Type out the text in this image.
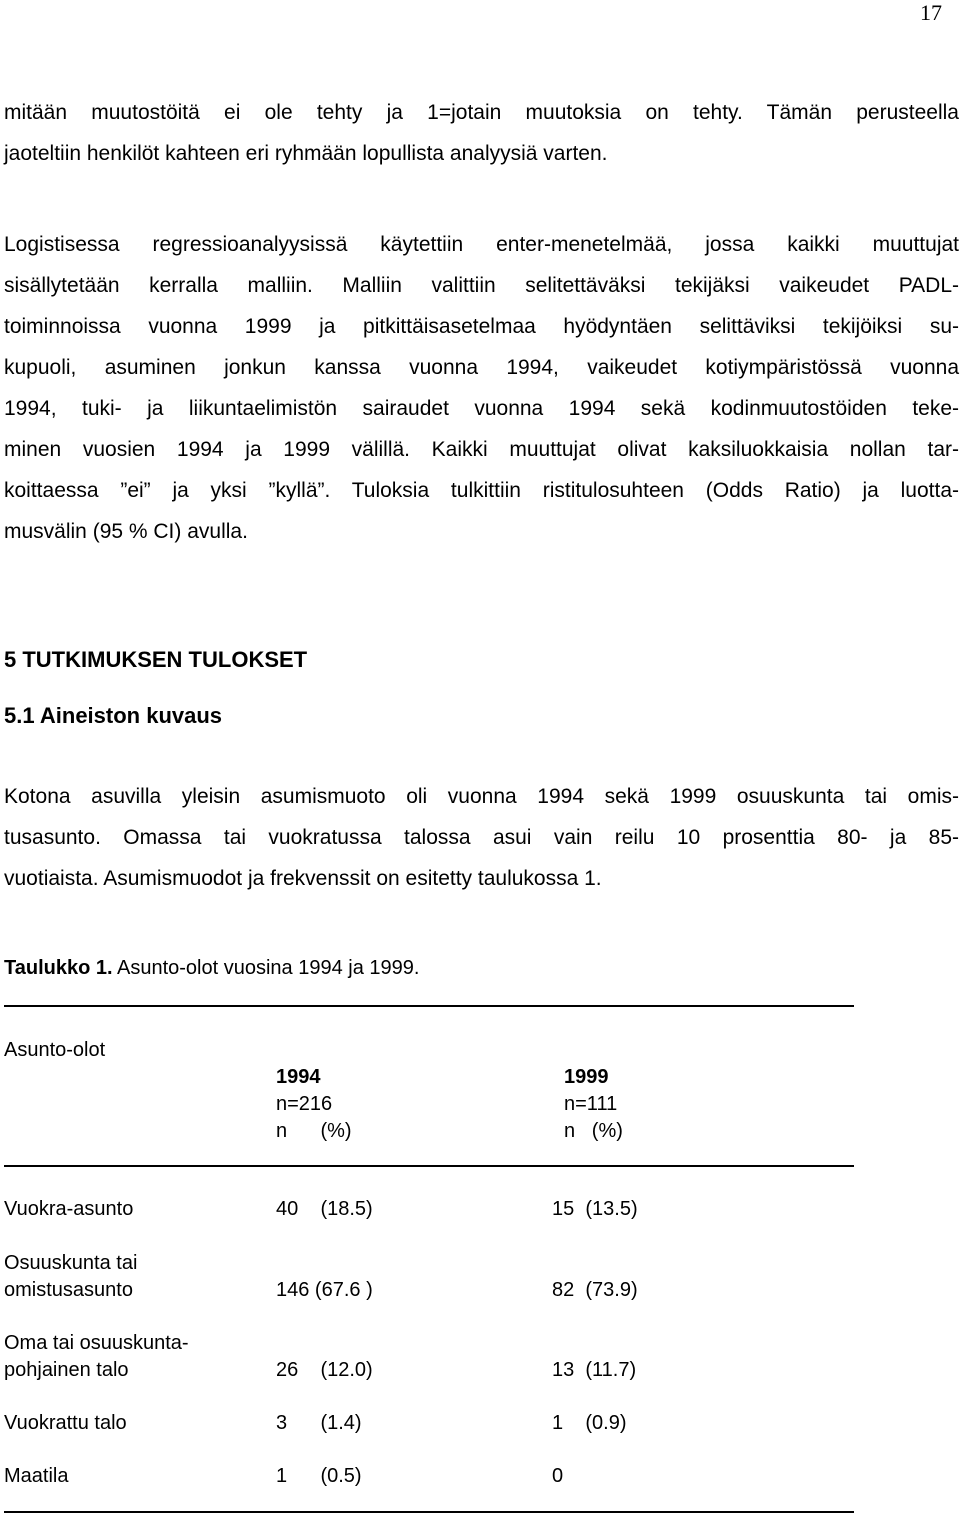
17
mitään muutostöitä ei ole tehty ja 1=jotain muutoksia on tehty. Tämän perusteella
jaoteltiin henkilöt kahteen eri ryhmään lopullista analyysiä varten.
Logistisessa regressioanalyysissä käytettiin enter-menetelmää, jossa kaikki muuttujat
sisällytetään kerralla malliin. Malliin valittiin selitettäväksi tekijäksi vaikeudet PADL-
toiminnoissa vuonna 1999 ja pitkittäisasetelmaa hyödyntäen selittäviksi tekijöiksi su-
kupuoli, asuminen jonkun kanssa vuonna 1994, vaikeudet kotiympäristössä vuonna
1994, tuki- ja liikuntaelimistön sairaudet vuonna 1994 sekä kodinmuutostöiden teke-
minen vuosien 1994 ja 1999 välillä. Kaikki muuttujat olivat kaksiluokkaisia nollan tar-
koittaessa ”ei” ja yksi ”kyllä”. Tuloksia tulkittiin ristitulosuhteen (Odds Ratio) ja luotta-
musvälin (95 % CI) avulla.
5 TUTKIMUKSEN TULOKSET
5.1 Aineiston kuvaus
Kotona asuvilla yleisin asumismuoto oli vuonna 1994 sekä 1999 osuuskunta tai omis-
tusasunto. Omassa tai vuokratussa talossa asui vain reilu 10 prosenttia 80- ja 85-
vuotiaista. Asumismuodot ja frekvenssit on esitetty taulukossa 1.
Taulukko 1. Asunto-olot vuosina 1994 ja 1999.
Asunto-olot
1994
n=216
n      (%)
1999
n=111
n   (%)
Vuokra-asunto	40    (18.5)	15  (13.5)
Osuuskunta tai
omistusasunto	146 (67.6 )	82  (73.9)
Oma tai osuuskunta-
pohjainen talo	26    (12.0)	13  (11.7)
Vuokrattu talo	3      (1.4)	1    (0.9)
Maatila	1      (0.5)	0
